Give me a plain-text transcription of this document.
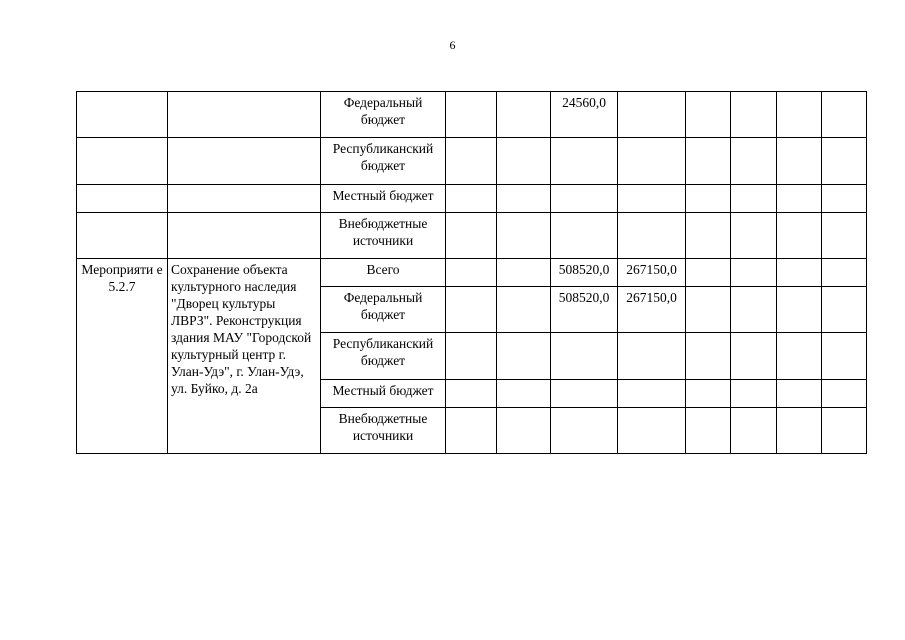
6
		Федеральный бюджет			24560,0					
		Республиканский бюджет								
		Местный бюджет								
		Внебюджетные источники								
Мероприяти е 5.2.7	Сохранение объекта культурного наследия "Дворец культуры ЛВРЗ". Реконструкция здания МАУ "Городской культурный центр г. Улан-Удэ", г. Улан-Удэ, ул. Буйко, д. 2а	Всего			508520,0	267150,0				
		Федеральный бюджет			508520,0	267150,0				
		Республиканский бюджет								
		Местный бюджет								
		Внебюджетные источники								
